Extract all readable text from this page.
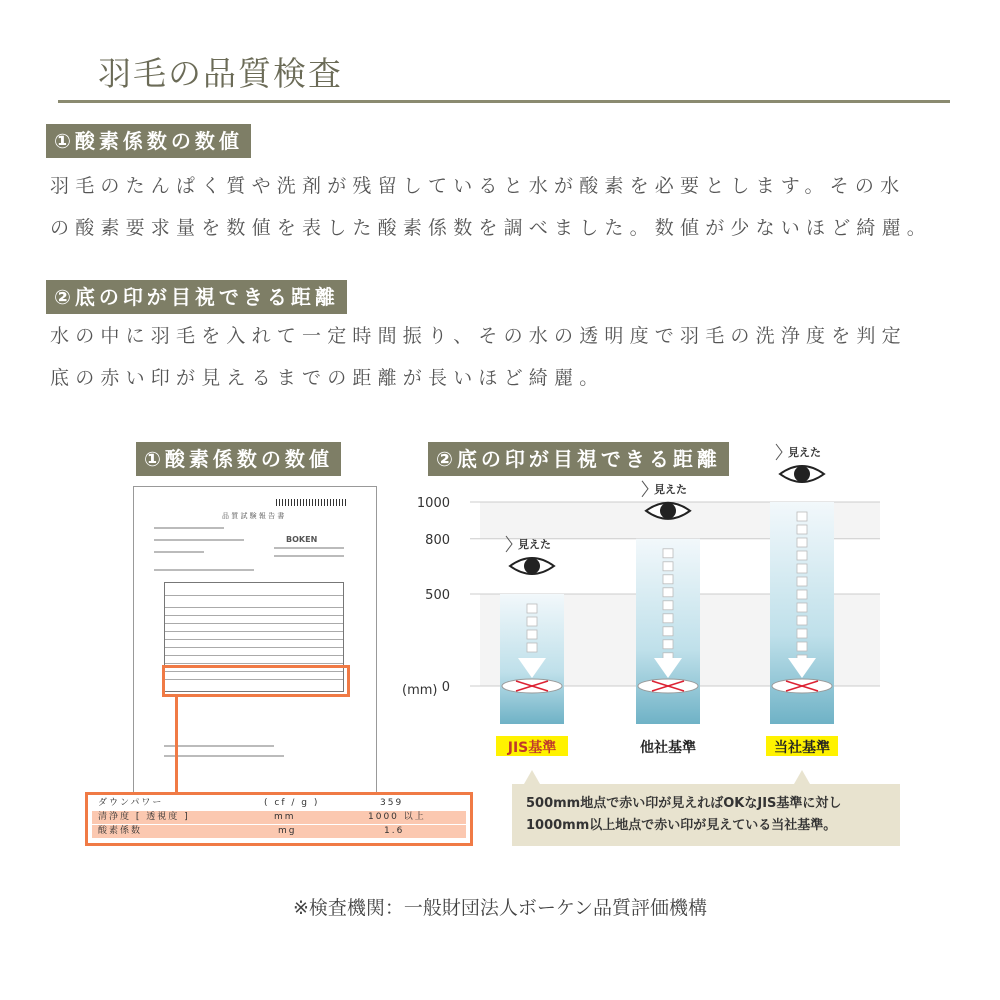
羽毛の品質検査
①酸素係数の数値
羽毛のたんぱく質や洗剤が残留していると水が酸素を必要とします。その水
の酸素要求量を数値を表した酸素係数を調べました。数値が少ないほど綺麗。
②底の印が目視できる距離
水の中に羽毛を入れて一定時間振り、その水の透明度で羽毛の洗浄度を判定
底の赤い印が見えるまでの距離が長いほど綺麗。
①酸素係数の数値	②底の印が目視できる距離
品 質 試 験 報 告 書
BOKEN
ダウンパワー	( cf / g )	359
清浄度 [ 透視度 ]	mm	1000 以上
酸素係数	mg	1.6
0
500
800
1000
(mm)
見えた
JIS基準
見えた
他社基準
見えた
当社基準
500mm地点で赤い印が見えればOKなJIS基準に対し
1000mm以上地点で赤い印が見えている当社基準。
※検査機関：一般財団法人ボーケン品質評価機構
